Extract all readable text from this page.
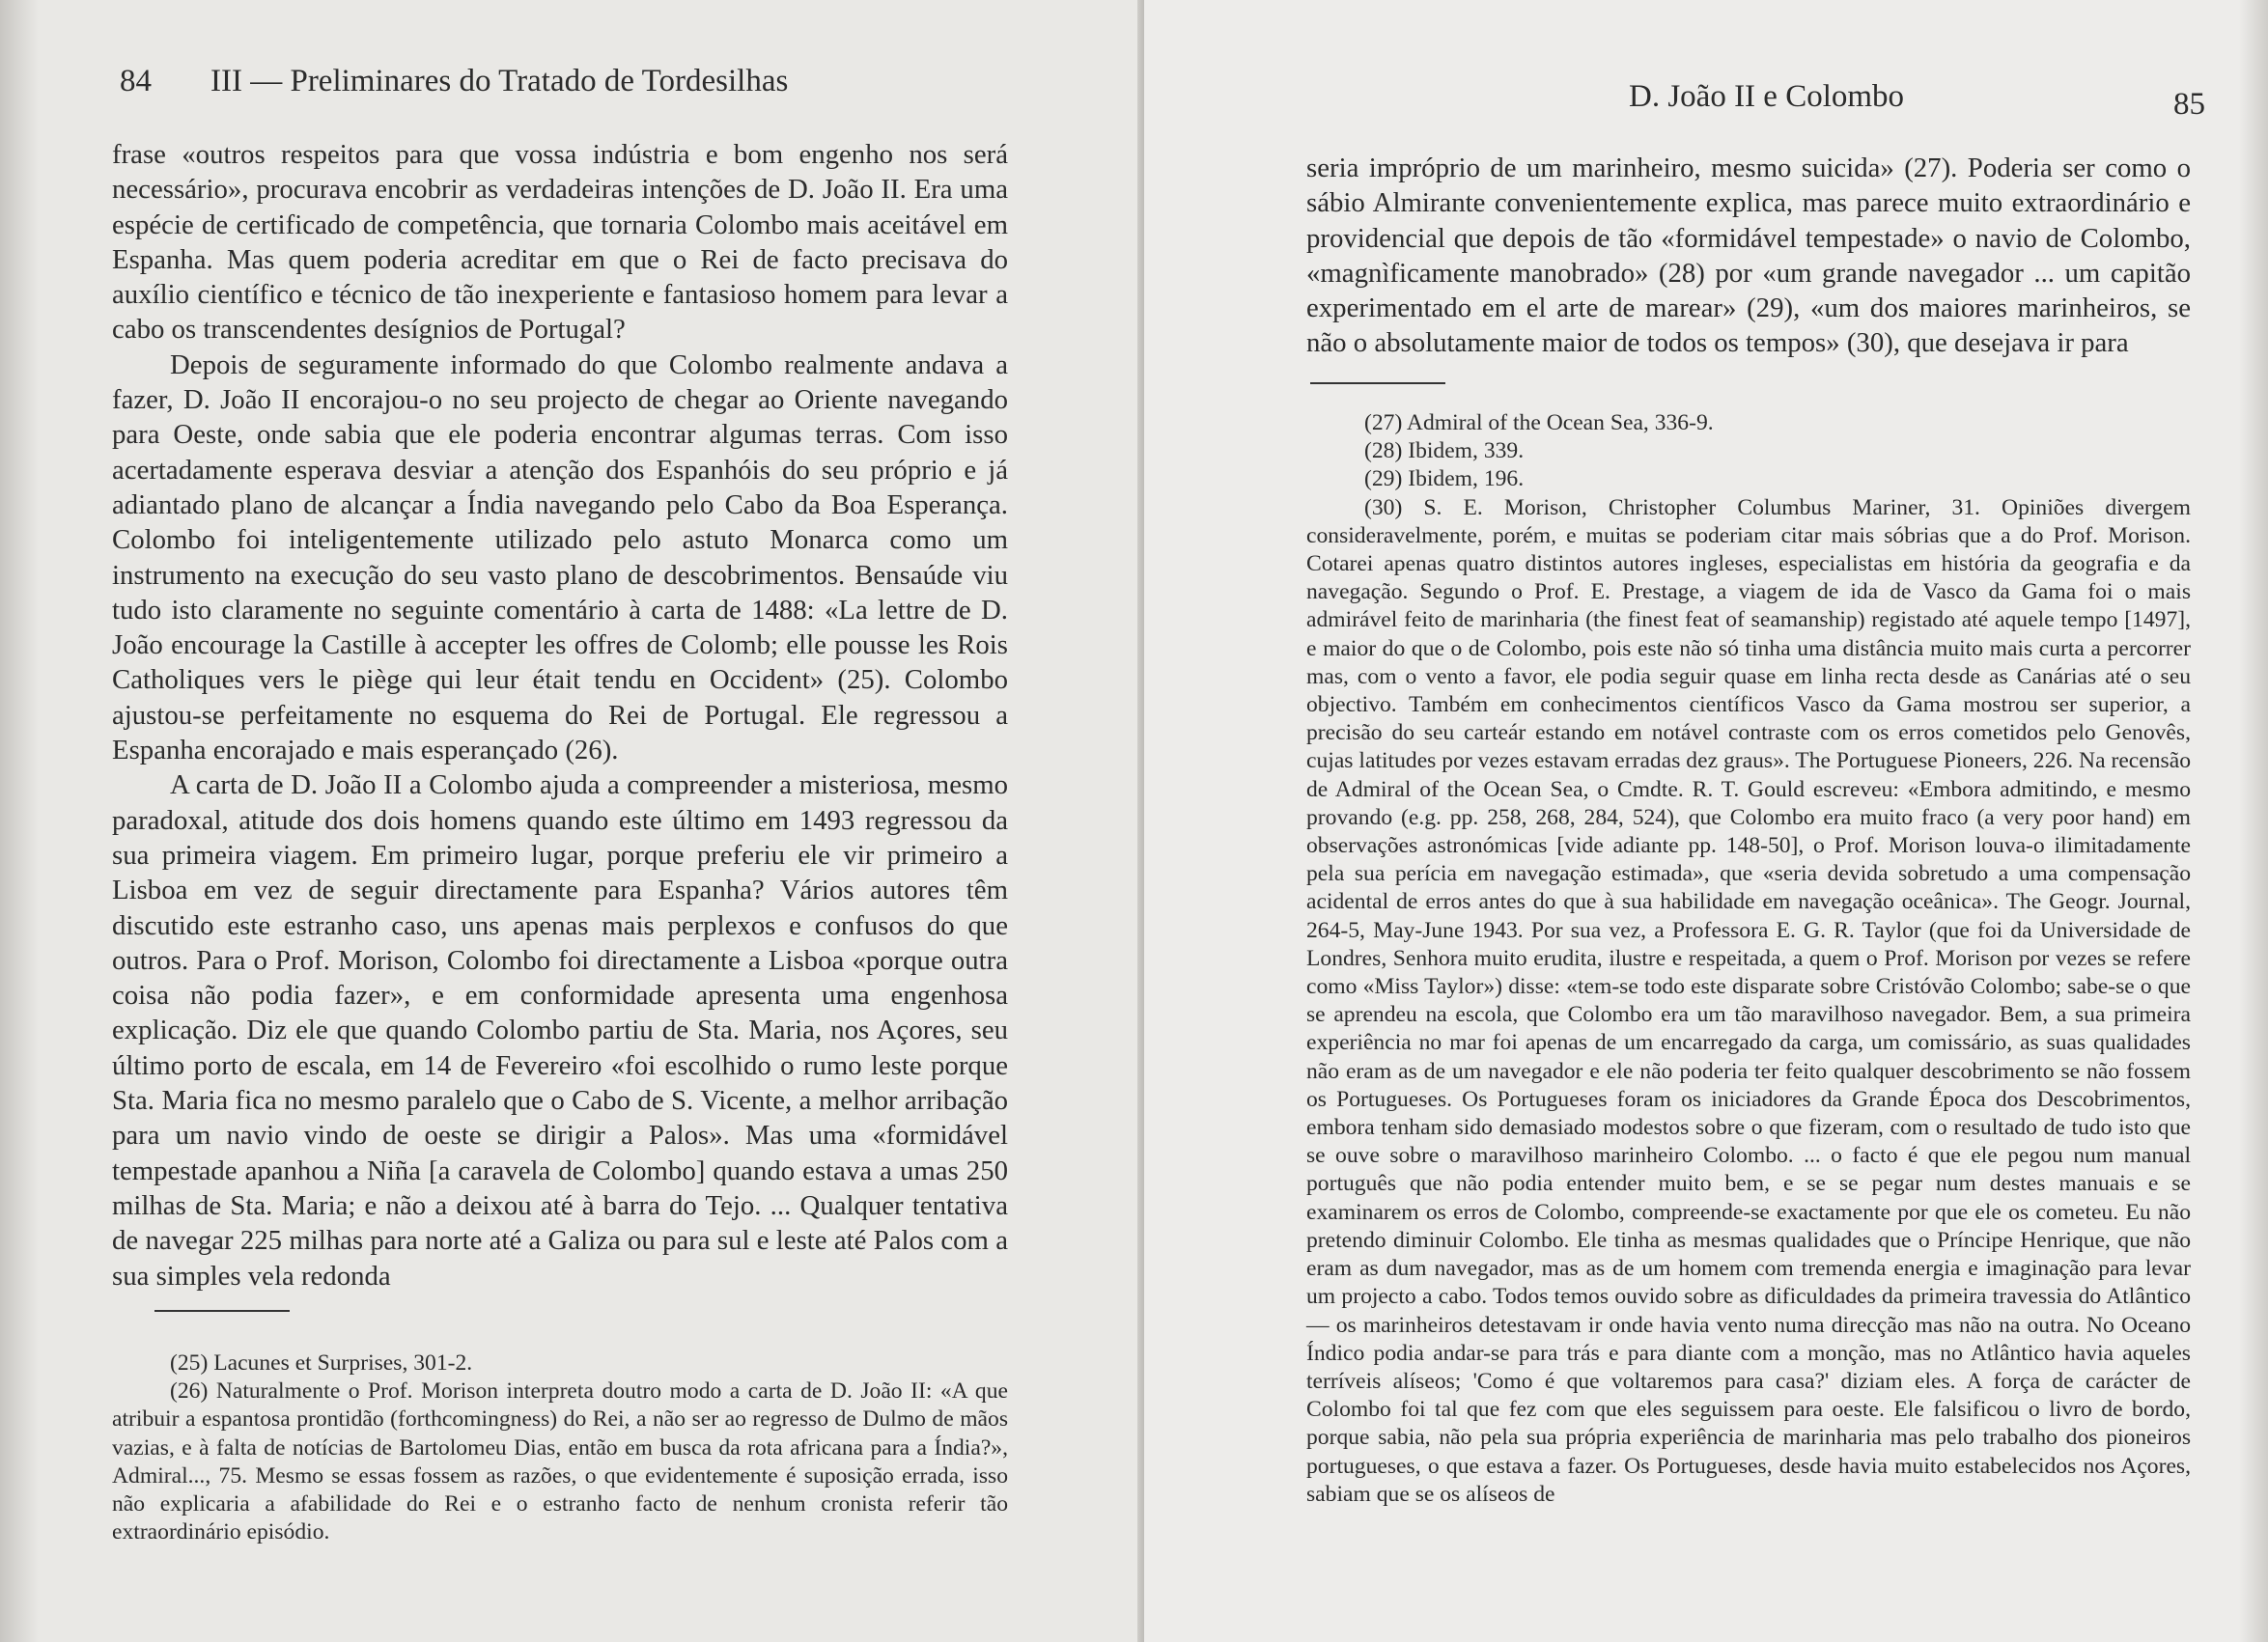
84 III — Preliminares do Tratado de Tordesilhas

frase «outros respeitos para que vossa indústria e bom engenho nos será necessário», procurava encobrir as verdadeiras intenções de D. João II. Era uma espécie de certificado de competência, que tornaria Colombo mais aceitável em Espanha. Mas quem poderia acreditar em que o Rei de facto precisava do auxílio científico e técnico de tão inexperiente e fantasioso homem para levar a cabo os transcendentes desígnios de Portugal?

Depois de seguramente informado do que Colombo realmente andava a fazer, D. João II encorajou-o no seu projecto de chegar ao Oriente navegando para Oeste, onde sabia que ele poderia encontrar algumas terras. Com isso acertadamente esperava desviar a atenção dos Espanhóis do seu próprio e já adiantado plano de alcançar a Índia navegando pelo Cabo da Boa Esperança. Colombo foi inteligentemente utilizado pelo astuto Monarca como um instrumento na execução do seu vasto plano de descobrimentos. Bensaúde viu tudo isto claramente no seguinte comentário à carta de 1488: «La lettre de D. João encourage la Castille à accepter les offres de Colomb; elle pousse les Rois Catholiques vers le piège qui leur était tendu en Occident» (25). Colombo ajustou-se perfeitamente no esquema do Rei de Portugal. Ele regressou a Espanha encorajado e mais esperançado (26).

A carta de D. João II a Colombo ajuda a compreender a misteriosa, mesmo paradoxal, atitude dos dois homens quando este último em 1493 regressou da sua primeira viagem. Em primeiro lugar, porque preferiu ele vir primeiro a Lisboa em vez de seguir directamente para Espanha? Vários autores têm discutido este estranho caso, uns apenas mais perplexos e confusos do que outros. Para o Prof. Morison, Colombo foi directamente a Lisboa «porque outra coisa não podia fazer», e em conformidade apresenta uma engenhosa explicação. Diz ele que quando Colombo partiu de Sta. Maria, nos Açores, seu último porto de escala, em 14 de Fevereiro «foi escolhido o rumo leste porque Sta. Maria fica no mesmo paralelo que o Cabo de S. Vicente, a melhor arribação para um navio vindo de oeste se dirigir a Palos». Mas uma «formidável tempestade apanhou a Niña [a caravela de Colombo] quando estava a umas 250 milhas de Sta. Maria; e não a deixou até à barra do Tejo. ... Qualquer tentativa de navegar 225 milhas para norte até a Galiza ou para sul e leste até Palos com a sua simples vela redonda

(25) Lacunes et Surprises, 301-2.

(26) Naturalmente o Prof. Morison interpreta doutro modo a carta de D. João II: «A que atribuir a espantosa prontidão (forthcomingness) do Rei, a não ser ao regresso de Dulmo de mãos vazias, e à falta de notícias de Bartolomeu Dias, então em busca da rota africana para a Índia?», Admiral..., 75. Mesmo se essas fossem as razões, o que evidentemente é suposição errada, isso não explicaria a afabilidade do Rei e o estranho facto de nenhum cronista referir tão extraordinário episódio.

D. João II e Colombo	85

seria impróprio de um marinheiro, mesmo suicida» (27). Poderia ser como o sábio Almirante convenientemente explica, mas parece muito extraordinário e providencial que depois de tão «formidável tempestade» o navio de Colombo, «magnìficamente manobrado» (28) por «um grande navegador ... um capitão experimentado em el arte de marear» (29), «um dos maiores marinheiros, se não o absolutamente maior de todos os tempos» (30), que desejava ir para

(27) Admiral of the Ocean Sea, 336-9.

(28) Ibidem, 339.

(29) Ibidem, 196.

(30) S. E. Morison, Christopher Columbus Mariner, 31. Opiniões divergem consideravelmente, porém, e muitas se poderiam citar mais sóbrias que a do Prof. Morison. Cotarei apenas quatro distintos autores ingleses, especialistas em história da geografia e da navegação. Segundo o Prof. E. Prestage, a viagem de ida de Vasco da Gama foi o mais admirável feito de marinharia (the finest feat of seamanship) registado até aquele tempo [1497], e maior do que o de Colombo, pois este não só tinha uma distância muito mais curta a percorrer mas, com o vento a favor, ele podia seguir quase em linha recta desde as Canárias até o seu objectivo. Também em conhecimentos científicos Vasco da Gama mostrou ser superior, a precisão do seu carteár estando em notável contraste com os erros cometidos pelo Genovês, cujas latitudes por vezes estavam erradas dez graus». The Portuguese Pioneers, 226. Na recensão de Admiral of the Ocean Sea, o Cmdte. R. T. Gould escreveu: «Embora admitindo, e mesmo provando (e.g. pp. 258, 268, 284, 524), que Colombo era muito fraco (a very poor hand) em observações astronómicas [vide adiante pp. 148-50], o Prof. Morison louva-o ilimitadamente pela sua perícia em navegação estimada», que «seria devida sobretudo a uma compensação acidental de erros antes do que à sua habilidade em navegação oceânica». The Geogr. Journal, 264-5, May-June 1943. Por sua vez, a Professora E. G. R. Taylor (que foi da Universidade de Londres, Senhora muito erudita, ilustre e respeitada, a quem o Prof. Morison por vezes se refere como «Miss Taylor») disse: «tem-se todo este disparate sobre Cristóvão Colombo; sabe-se o que se aprendeu na escola, que Colombo era um tão maravilhoso navegador. Bem, a sua primeira experiência no mar foi apenas de um encarregado da carga, um comissário, as suas qualidades não eram as de um navegador e ele não poderia ter feito qualquer descobrimento se não fossem os Portugueses. Os Portugueses foram os iniciadores da Grande Época dos Descobrimentos, embora tenham sido demasiado modestos sobre o que fizeram, com o resultado de tudo isto que se ouve sobre o maravilhoso marinheiro Colombo. ... o facto é que ele pegou num manual português que não podia entender muito bem, e se se pegar num destes manuais e se examinarem os erros de Colombo, compreende-se exactamente por que ele os cometeu. Eu não pretendo diminuir Colombo. Ele tinha as mesmas qualidades que o Príncipe Henrique, que não eram as dum navegador, mas as de um homem com tremenda energia e imaginação para levar um projecto a cabo. Todos temos ouvido sobre as dificuldades da primeira travessia do Atlântico — os marinheiros detestavam ir onde havia vento numa direcção mas não na outra. No Oceano Índico podia andar-se para trás e para diante com a monção, mas no Atlântico havia aqueles terríveis alíseos; 'Como é que voltaremos para casa?' diziam eles. A força de carácter de Colombo foi tal que fez com que eles seguissem para oeste. Ele falsificou o livro de bordo, porque sabia, não pela sua própria experiência de marinharia mas pelo trabalho dos pioneiros portugueses, o que estava a fazer. Os Portugueses, desde havia muito estabelecidos nos Açores, sabiam que se os alíseos de
